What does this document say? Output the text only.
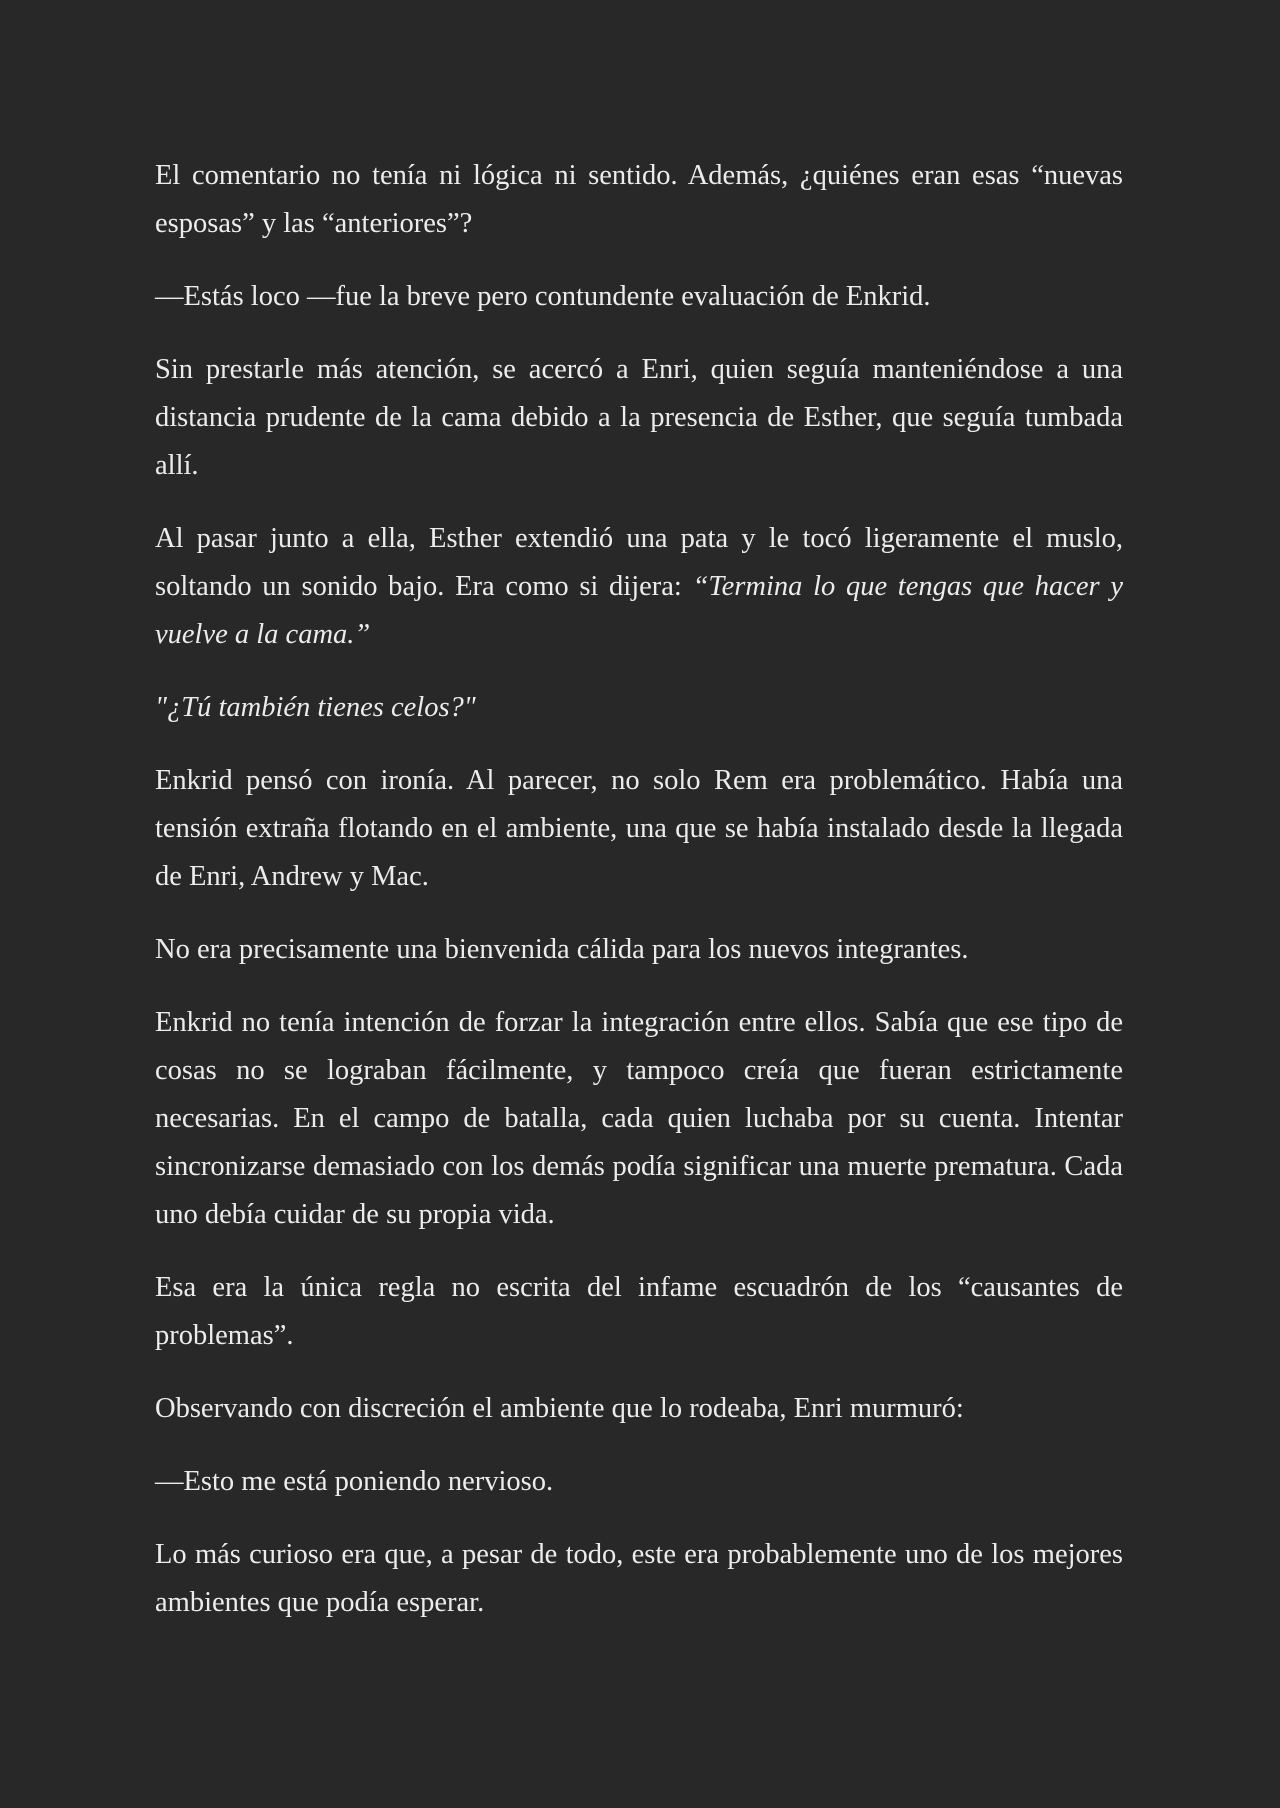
El comentario no tenía ni lógica ni sentido. Además, ¿quiénes eran esas “nuevas esposas” y las “anteriores”?

—Estás loco —fue la breve pero contundente evaluación de Enkrid.

Sin prestarle más atención, se acercó a Enri, quien seguía manteniéndose a una distancia prudente de la cama debido a la presencia de Esther, que seguía tumbada allí.

Al pasar junto a ella, Esther extendió una pata y le tocó ligeramente el muslo, soltando un sonido bajo. Era como si dijera: “Termina lo que tengas que hacer y vuelve a la cama.”

"¿Tú también tienes celos?"

Enkrid pensó con ironía. Al parecer, no solo Rem era problemático. Había una tensión extraña flotando en el ambiente, una que se había instalado desde la llegada de Enri, Andrew y Mac.

No era precisamente una bienvenida cálida para los nuevos integrantes.

Enkrid no tenía intención de forzar la integración entre ellos. Sabía que ese tipo de cosas no se lograban fácilmente, y tampoco creía que fueran estrictamente necesarias. En el campo de batalla, cada quien luchaba por su cuenta. Intentar sincronizarse demasiado con los demás podía significar una muerte prematura. Cada uno debía cuidar de su propia vida.

Esa era la única regla no escrita del infame escuadrón de los “causantes de problemas”.

Observando con discreción el ambiente que lo rodeaba, Enri murmuró:

—Esto me está poniendo nervioso.

Lo más curioso era que, a pesar de todo, este era probablemente uno de los mejores ambientes que podía esperar.
